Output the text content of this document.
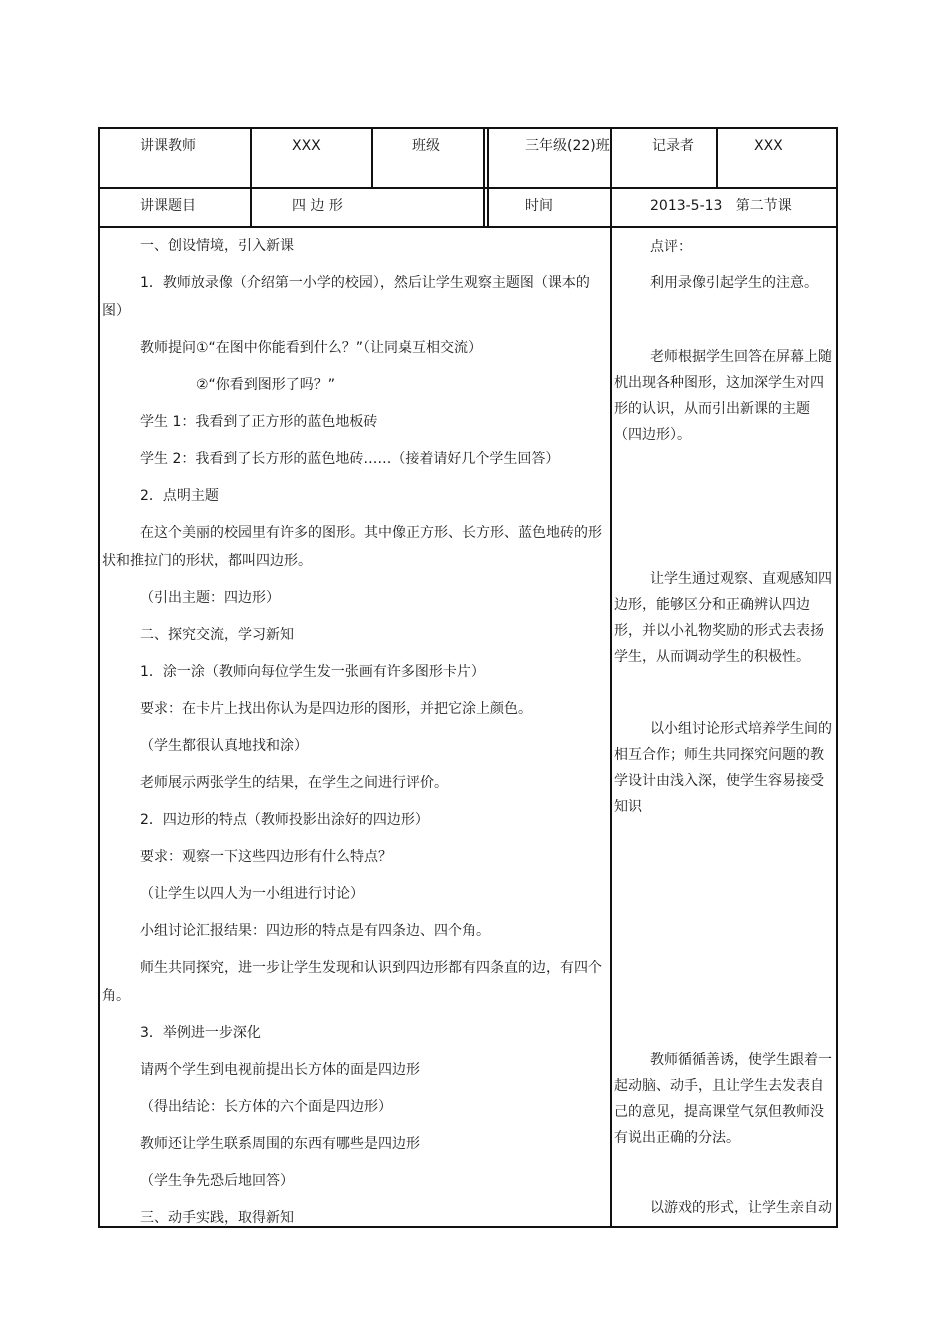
讲课教师	XXX	班级	三年级(22)班	记录者	XXX
讲课题目	四 边 形	时间	2013-5-13   第二节课

一、创设情境，引入新课

1．教师放录像（介绍第一小学的校园），然后让学生观察主题图（课本的图）

教师提问①“在图中你能看到什么？”（让同桌互相交流）

②“你看到图形了吗？”

学生 1：我看到了正方形的蓝色地板砖

学生 2：我看到了长方形的蓝色地砖……（接着请好几个学生回答）

2．点明主题

在这个美丽的校园里有许多的图形。其中像正方形、长方形、蓝色地砖的形状和推拉门的形状，都叫四边形。

（引出主题：四边形）

二、探究交流，学习新知

1．涂一涂（教师向每位学生发一张画有许多图形卡片）

要求：在卡片上找出你认为是四边形的图形，并把它涂上颜色。

（学生都很认真地找和涂）

老师展示两张学生的结果，在学生之间进行评价。

2．四边形的特点（教师投影出涂好的四边形）

要求：观察一下这些四边形有什么特点？

（让学生以四人为一小组进行讨论）

小组讨论汇报结果：四边形的特点是有四条边、四个角。

师生共同探究，进一步让学生发现和认识到四边形都有四条直的边，有四个角。

3．举例进一步深化

请两个学生到电视前提出长方体的面是四边形

（得出结论：长方体的六个面是四边形）

教师还让学生联系周围的东西有哪些是四边形

（学生争先恐后地回答）

三、动手实践，取得新知

点评：
利用录像引起学生的注意。
老师根据学生回答在屏幕上随机出现各种图形，这加深学生对四形的认识，从而引出新课的主题（四边形）。
让学生通过观察、直观感知四边形，能够区分和正确辨认四边形，并以小礼物奖励的形式去表扬学生，从而调动学生的积极性。
以小组讨论形式培养学生间的相互合作；师生共同探究问题的教学设计由浅入深，使学生容易接受知识
教师循循善诱，使学生跟着一起动脑、动手，且让学生去发表自己的意见，提高课堂气氛但教师没有说出正确的分法。
以游戏的形式，让学生亲自动
